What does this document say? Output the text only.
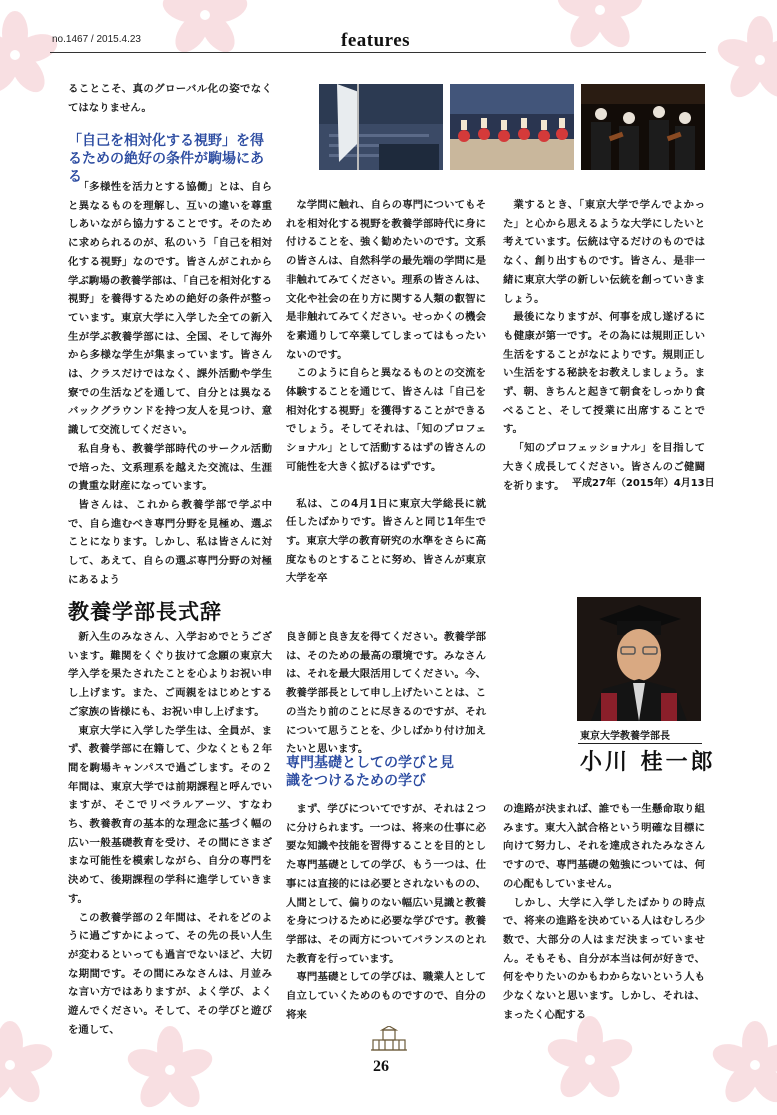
no.1467 / 2015.4.23	features

ることこそ、真のグローバル化の姿でなくてはなりません。

「自己を相対化する視野」を得るための絶好の条件が駒場にある

「多様性を活力とする協働」とは、自らと異なるものを理解し、互いの違いを尊重しあいながら協力することです。そのために求められるのが、私のいう「自己を相対化する視野」なのです。皆さんがこれから学ぶ駒場の教養学部は、「自己を相対化する視野」を養得するための絶好の条件が整っています。東京大学に入学した全ての新入生が学ぶ教養学部には、全国、そして海外から多様な学生が集まっています。皆さんは、クラスだけではなく、課外活動や学生寮での生活などを通して、自分とは異なるバックグラウンドを持つ友人を見つけ、意識して交流してください。

私自身も、教養学部時代のサークル活動で培った、文系理系を越えた交流は、生涯の貴重な財産になっています。

皆さんは、これから教養学部で学ぶ中で、自ら進むべき専門分野を見極め、選ぶことになります。しかし、私は皆さんに対して、あえて、自らの選ぶ専門分野の対極にあるよう

な学問に触れ、自らの専門についてもそれを相対化する視野を教養学部時代に身に付けることを、強く勧めたいのです。文系の皆さんは、自然科学の最先端の学問に是非触れてみてください。理系の皆さんは、文化や社会の在り方に関する人類の叡智に是非触れてみてください。せっかくの機会を素通りして卒業してしまってはもったいないのです。

このように自らと異なるものとの交流を体験することを通じて、皆さんは「自己を相対化する視野」を獲得することができるでしょう。そしてそれは、「知のプロフェショナル」として活動するはずの皆さんの可能性を大きく拡げるはずです。

私は、この4月1日に東京大学総長に就任したばかりです。皆さんと同じ1年生です。東京大学の教育研究の水準をさらに高度なものとすることに努め、皆さんが東京大学を卒

業するとき、「東京大学で学んでよかった」と心から思えるような大学にしたいと考えています。伝統は守るだけのものではなく、創り出すものです。皆さん、是非一緒に東京大学の新しい伝統を創っていきましょう。

最後になりますが、何事を成し遂げるにも健康が第一です。その為には規則正しい生活をすることがなによりです。規則正しい生活をする秘訣をお教えしましょう。まず、朝、きちんと起きて朝食をしっかり食べること、そして授業に出席することです。

「知のプロフェッショナル」を目指して大きく成長してください。皆さんのご健闘を祈ります。 平成27年（2015年）4月13日
教養学部長式辞

新入生のみなさん、入学おめでとうございます。難関をくぐり抜けて念願の東京大学入学を果たされたことを心よりお祝い申し上げます。また、ご両親をはじめとするご家族の皆様にも、お祝い申し上げます。

東京大学に入学した学生は、全員が、まず、教養学部に在籍して、少なくとも２年間を駒場キャンパスで過ごします。その２年間は、東京大学では前期課程と呼んでいますが、そこでリベラルアーツ、すなわち、教養教育の基本的な理念に基づく幅の広い一般基礎教育を受け、その間にさまざまな可能性を模索しながら、自分の専門を決めて、後期課程の学科に進学していきます。

この教養学部の２年間は、それをどのように過ごすかによって、その先の長い人生が変わるといっても過言でないほど、大切な期間です。その間にみなさんは、月並みな言い方ではありますが、よく学び、よく遊んでください。そして、その学びと遊びを通して、

良き師と良き友を得てください。教養学部は、そのための最高の環境です。みなさんは、それを最大限活用してください。今、教養学部長として申し上げたいことは、この当たり前のことに尽きるのですが、それについて思うことを、少しばかり付け加えたいと思います。

専門基礎としての学びと見識をつけるための学び

まず、学びについてですが、それは２つに分けられます。一つは、将来の仕事に必要な知識や技能を習得することを目的とした専門基礎としての学び、もう一つは、仕事には直接的には必要とされないものの、人間として、偏りのない幅広い見識と教養を身につけるために必要な学びです。教養学部は、その両方についてバランスのとれた教育を行っています。

専門基礎としての学びは、職業人として自立していくためのものですので、自分の将来

の進路が決まれば、誰でも一生懸命取り組みます。東大入試合格という明確な目標に向けて努力し、それを達成されたみなさんですので、専門基礎の勉強については、何の心配もしていません。

しかし、大学に入学したばかりの時点で、将来の進路を決めている人はむしろ少数で、大部分の人はまだ決まっていません。そもそも、自分が本当は何が好きで、何をやりたいのかもわからないという人も少なくないと思います。しかし、それは、まったく心配する

東京大学教養学部長
小川 桂一郎
26
